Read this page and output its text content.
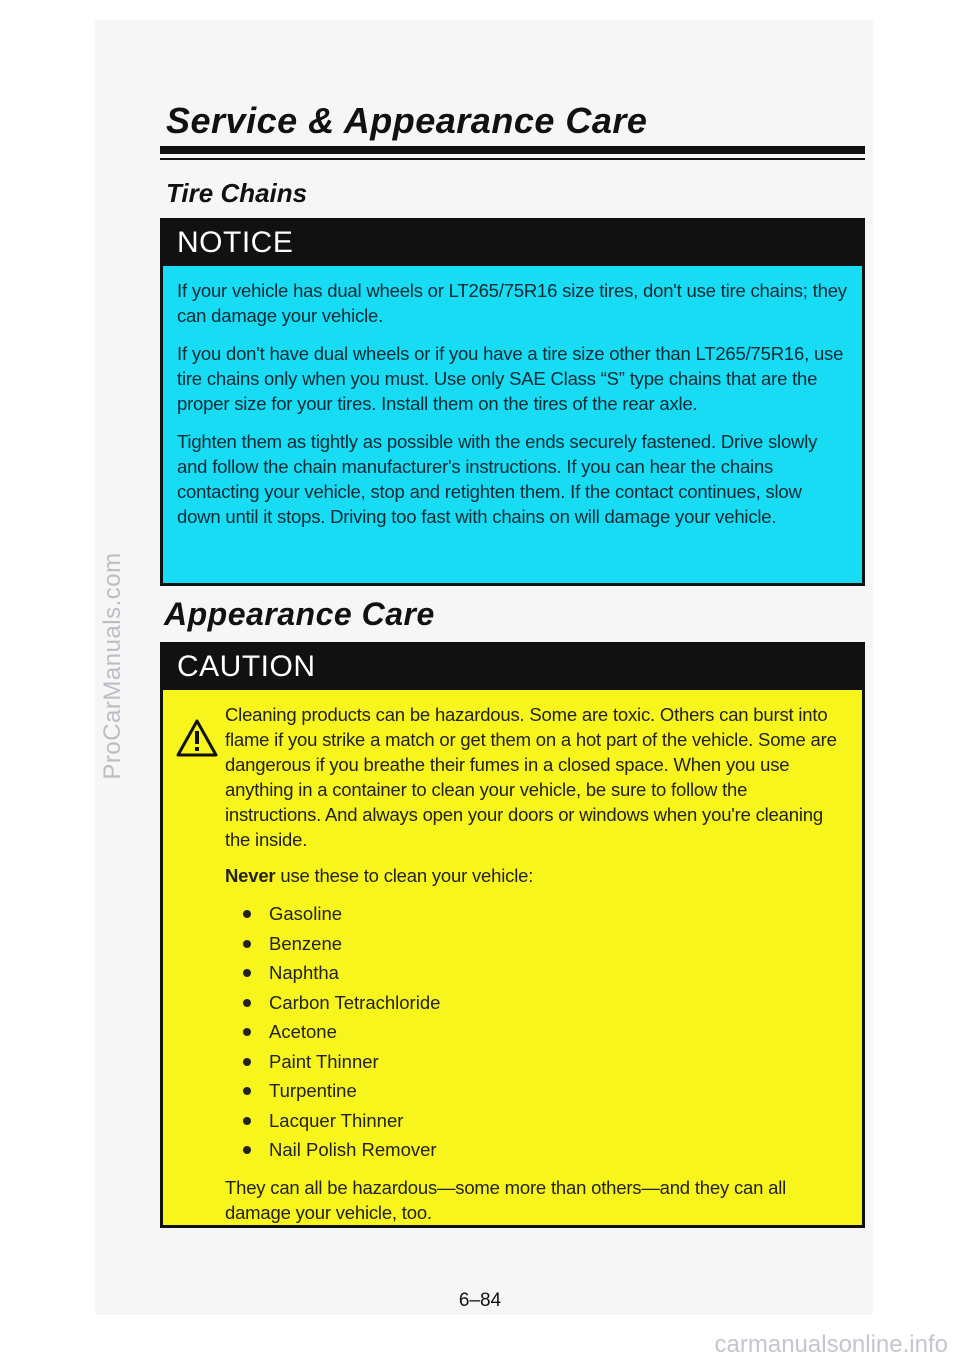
ProCarManuals.com
Service & Appearance Care
Tire Chains
NOTICE

If your vehicle has dual wheels or LT265/75R16 size tires, don't use tire chains; they can damage your vehicle.

If you don't have dual wheels or if you have a tire size other than LT265/75R16, use tire chains only when you must. Use only SAE Class “S” type chains that are the proper size for your tires. Install them on the tires of the rear axle.

Tighten them as tightly as possible with the ends securely fastened. Drive slowly and follow the chain manufacturer's instructions. If you can hear the chains contacting your vehicle, stop and retighten them. If the contact continues, slow down until it stops. Driving too fast with chains on will damage your vehicle.

Appearance Care
CAUTION

Cleaning products can be hazardous. Some are toxic. Others can burst into flame if you strike a match or get them on a hot part of the vehicle. Some are dangerous if you breathe their fumes in a closed space. When you use anything in a container to clean your vehicle, be sure to follow the instructions. And always open your doors or windows when you're cleaning the inside.

Never use these to clean your vehicle:

Gasoline
Benzene
Naphtha
Carbon Tetrachloride
Acetone
Paint Thinner
Turpentine
Lacquer Thinner
Nail Polish Remover

They can all be hazardous—some more than others—and they can all damage your vehicle, too.

6–84
carmanualsonline.info
